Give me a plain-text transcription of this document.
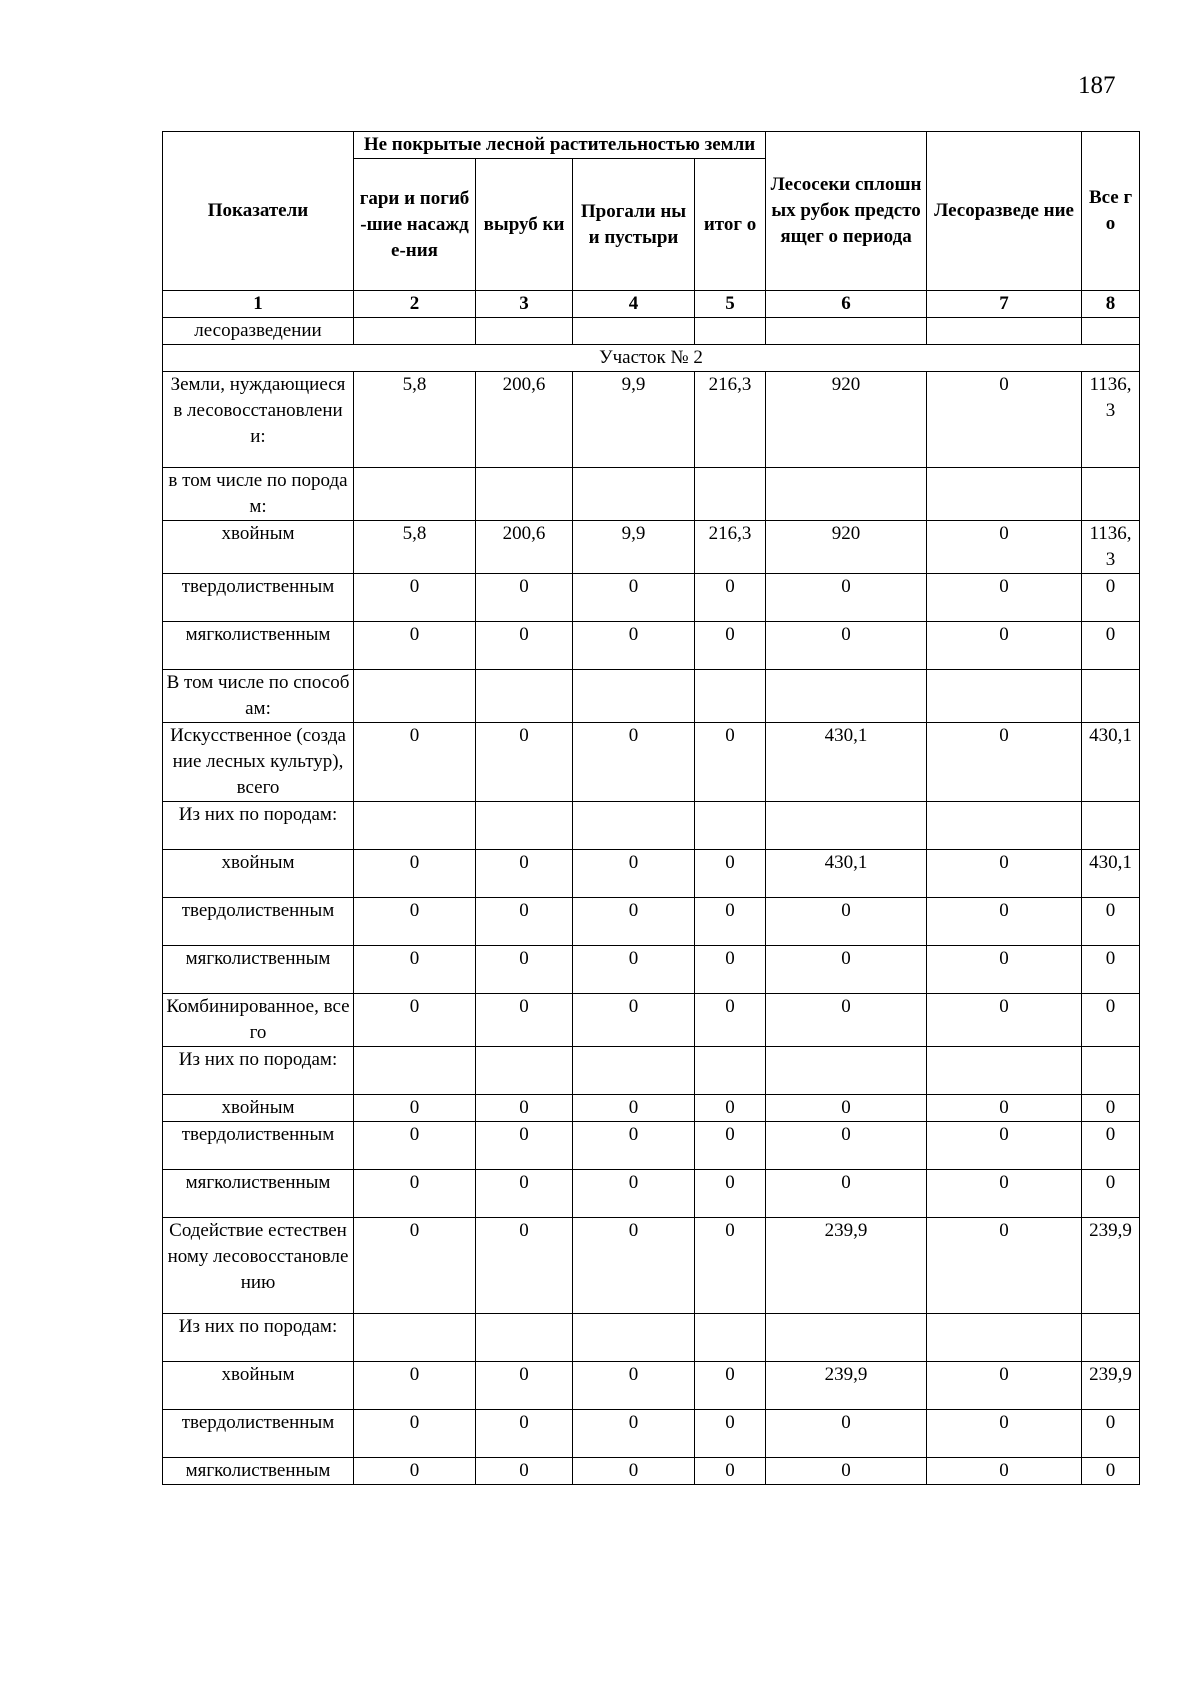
187
Показатели	Не покрытые лесной растительностью земли				Лесосеки сплошных рубок предстоящег о периода	Лесоразведе ние	Все го
	гари и погиб-шие насажде-ния	выруб ки	Прогали ны и пустыри	итог о			
1	2	3	4	5	6	7	8
лесоразведении							
Участок № 2							
Земли, нуждающиеся в лесовосстановлении:	5,8	200,6	9,9	216,3	920	0	1136,3
в том числе по породам:							
хвойным	5,8	200,6	9,9	216,3	920	0	1136,3
твердолиственным	0	0	0	0	0	0	0
мягколиственным	0	0	0	0	0	0	0
В том числе по способам:							
Искусственное (создание лесных культур), всего	0	0	0	0	430,1	0	430,1
Из них по породам:							
хвойным	0	0	0	0	430,1	0	430,1
твердолиственным	0	0	0	0	0	0	0
мягколиственным	0	0	0	0	0	0	0
Комбинированное, всего	0	0	0	0	0	0	0
Из них по породам:							
хвойным	0	0	0	0	0	0	0
твердолиственным	0	0	0	0	0	0	0
мягколиственным	0	0	0	0	0	0	0
Содействие естественному лесовосстановлению	0	0	0	0	239,9	0	239,9
Из них по породам:							
хвойным	0	0	0	0	239,9	0	239,9
твердолиственным	0	0	0	0	0	0	0
мягколиственным	0	0	0	0	0	0	0
